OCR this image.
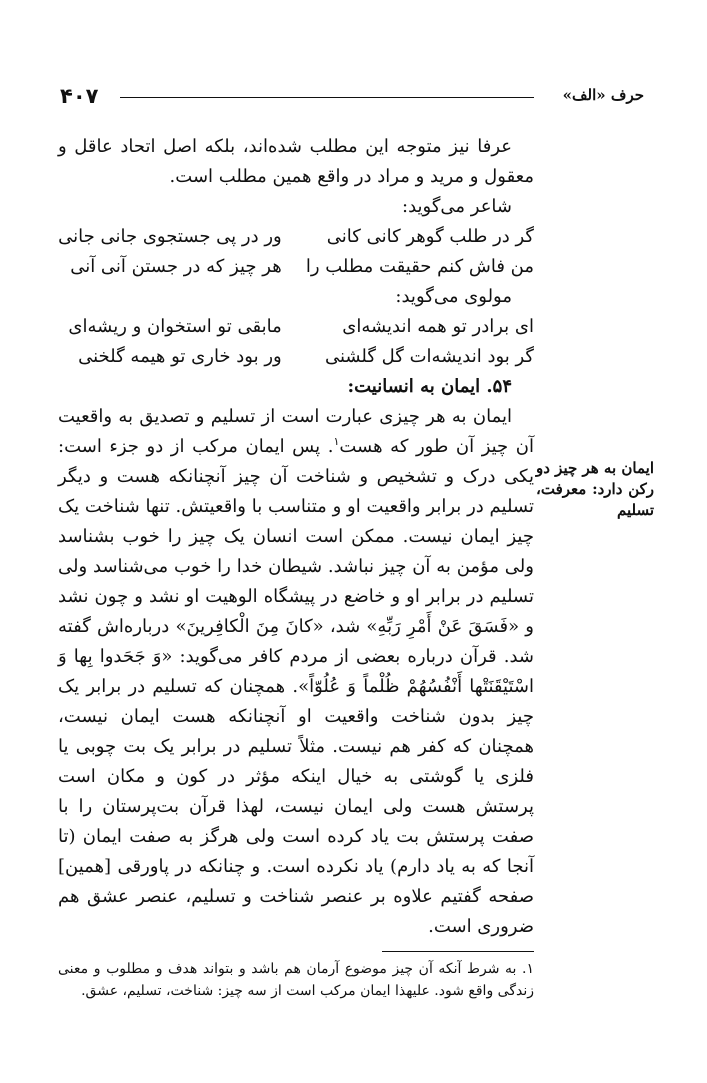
۴۰۷	حرف «الف»

عرفا نیز متوجه این مطلب شده‌اند، بلکه اصل اتحاد عاقل و معقول و مرید و مراد در واقع همین مطلب است.

شاعر می‌گوید:

گر در طلب گوهر کانی کانی
ور در پی جستجوی جانی جانی
من فاش کنم حقیقت مطلب را
هر چیز که در جستن آنی آنی

مولوی می‌گوید:

ای برادر تو همه اندیشه‌ای
مابقی تو استخوان و ریشه‌ای
گر بود اندیشه‌ات گل گلشنی
ور بود خاری تو هیمه گلخنی

۵۴. ایمان به انسانیت:

ایمان به هر چیزی عبارت است از تسلیم و تصدیق به واقعیت آن چیز آن طور که هست$^۱$. پس ایمان مرکب از دو جزء است: یکی درک و تشخیص و شناخت آن چیز آنچنانکه هست و دیگر تسلیم در برابر واقعیت او و متناسب با واقعیتش. تنها شناخت یک چیز ایمان نیست. ممکن است انسان یک چیز را خوب بشناسد ولی مؤمن به آن چیز نباشد. شیطان خدا را خوب می‌شناسد ولی تسلیم در برابر او و خاضع در پیشگاه الوهیت او نشد و چون نشد و «فَسَقَ عَنْ أَمْرِ رَبِّهِ» شد، «کانَ مِنَ الْکافِرینَ» درباره‌اش گفته شد. قرآن درباره بعضی از مردم کافر می‌گوید: «وَ جَحَدوا بِها وَ اسْتَیْقَنَتْها أَنْفُسُهُمْ ظُلْماً وَ عُلُوّاً». همچنان که تسلیم در برابر یک چیز بدون شناخت واقعیت او آنچنانکه هست ایمان نیست، همچنان که کفر هم نیست. مثلاً تسلیم در برابر یک بت چوبی یا فلزی یا گوشتی به خیال اینکه مؤثر در کون و مکان است پرستش هست ولی ایمان نیست، لهذا قرآن بت‌پرستان را با صفت پرستش بت یاد کرده است ولی هرگز به صفت ایمان (تا آنجا که به یاد دارم) یاد نکرده است. و چنانکه در پاورقی [همین] صفحه گفتیم علاوه بر عنصر شناخت و تسلیم، عنصر عشق هم ضروری است.

ایمان به هر چیز دو رکن دارد: معرفت، تسلیم
۱. به شرط آنکه آن چیز موضوع آرمان هم باشد و بتواند هدف و مطلوب و معنی زندگی واقع شود. علیهذا ایمان مرکب است از سه چیز: شناخت، تسلیم، عشق.
